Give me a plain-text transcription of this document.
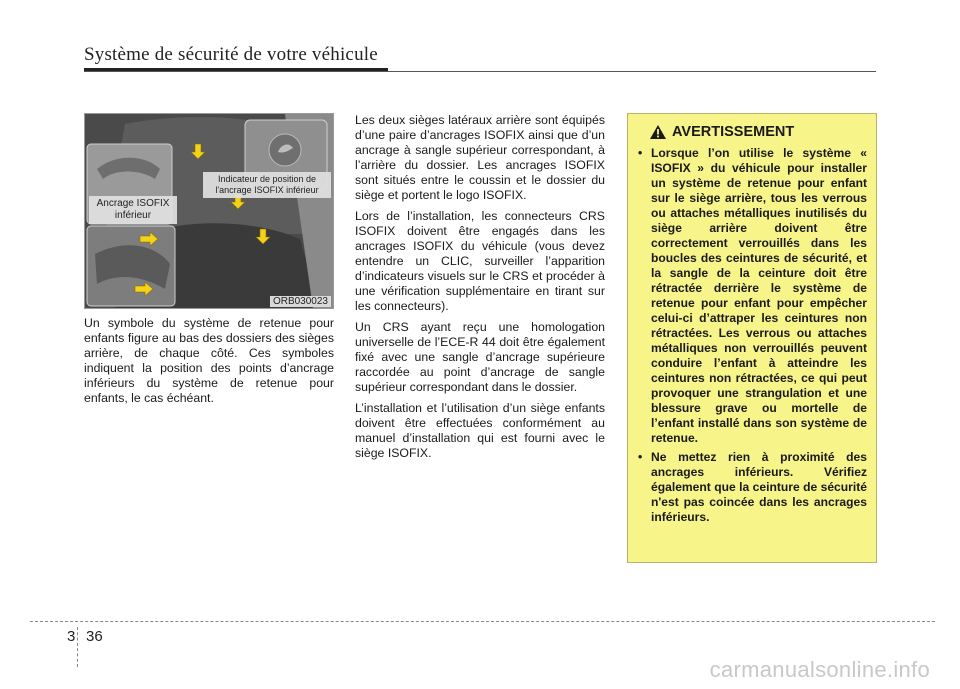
Système de sécurité de votre véhicule
Ancrage ISOFIX inférieur
Indicateur de position de l'ancrage ISOFIX inférieur
ORB030023

Un symbole du système de retenue pour enfants figure au bas des dossiers des sièges arrière, de chaque côté. Ces symboles indiquent la position des points d’ancrage inférieurs du système de retenue pour enfants, le cas échéant.

Les deux sièges latéraux arrière sont équipés d’une paire d’ancrages ISOFIX ainsi que d’un ancrage à sangle supérieur correspondant, à l’arrière du dossier. Les ancrages ISOFIX sont situés entre le coussin et le dossier du siège et portent le logo ISOFIX.

Lors de l’installation, les connecteurs CRS ISOFIX doivent être engagés dans les ancrages ISOFIX du véhicule (vous devez entendre un CLIC, surveiller l’apparition d’indicateurs visuels sur le CRS et procéder à une vérification supplémentaire en tirant sur les connecteurs).

Un CRS ayant reçu une homologation universelle de l’ECE-R 44 doit être également fixé avec une sangle d’ancrage supérieure raccordée au point d’ancrage de sangle supérieur correspondant dans le dossier.

L’installation et l’utilisation d’un siège enfants doivent être effectuées conformément au manuel d’installation qui est fourni avec le siège ISOFIX.

AVERTISSEMENT
• Lorsque l’on utilise le système « ISOFIX » du véhicule pour installer un système de retenue pour enfant sur le siège arrière, tous les verrous ou attaches métalliques inutilisés du siège arrière doivent être correctement verrouillés dans les boucles des ceintures de sécurité, et la sangle de la ceinture doit être rétractée derrière le système de retenue pour enfant pour empêcher celui-ci d’attraper les ceintures non rétractées. Les verrous ou attaches métalliques non verrouillés peuvent conduire l’enfant à atteindre les ceintures non rétractées, ce qui peut provoquer une strangulation et une blessure grave ou mortelle de l’enfant installé dans son système de retenue.
• Ne mettez rien à proximité des ancrages inférieurs. Vérifiez également que la ceinture de sécurité n'est pas coincée dans les ancrages inférieurs.
3 36
carmanualsonline.info
